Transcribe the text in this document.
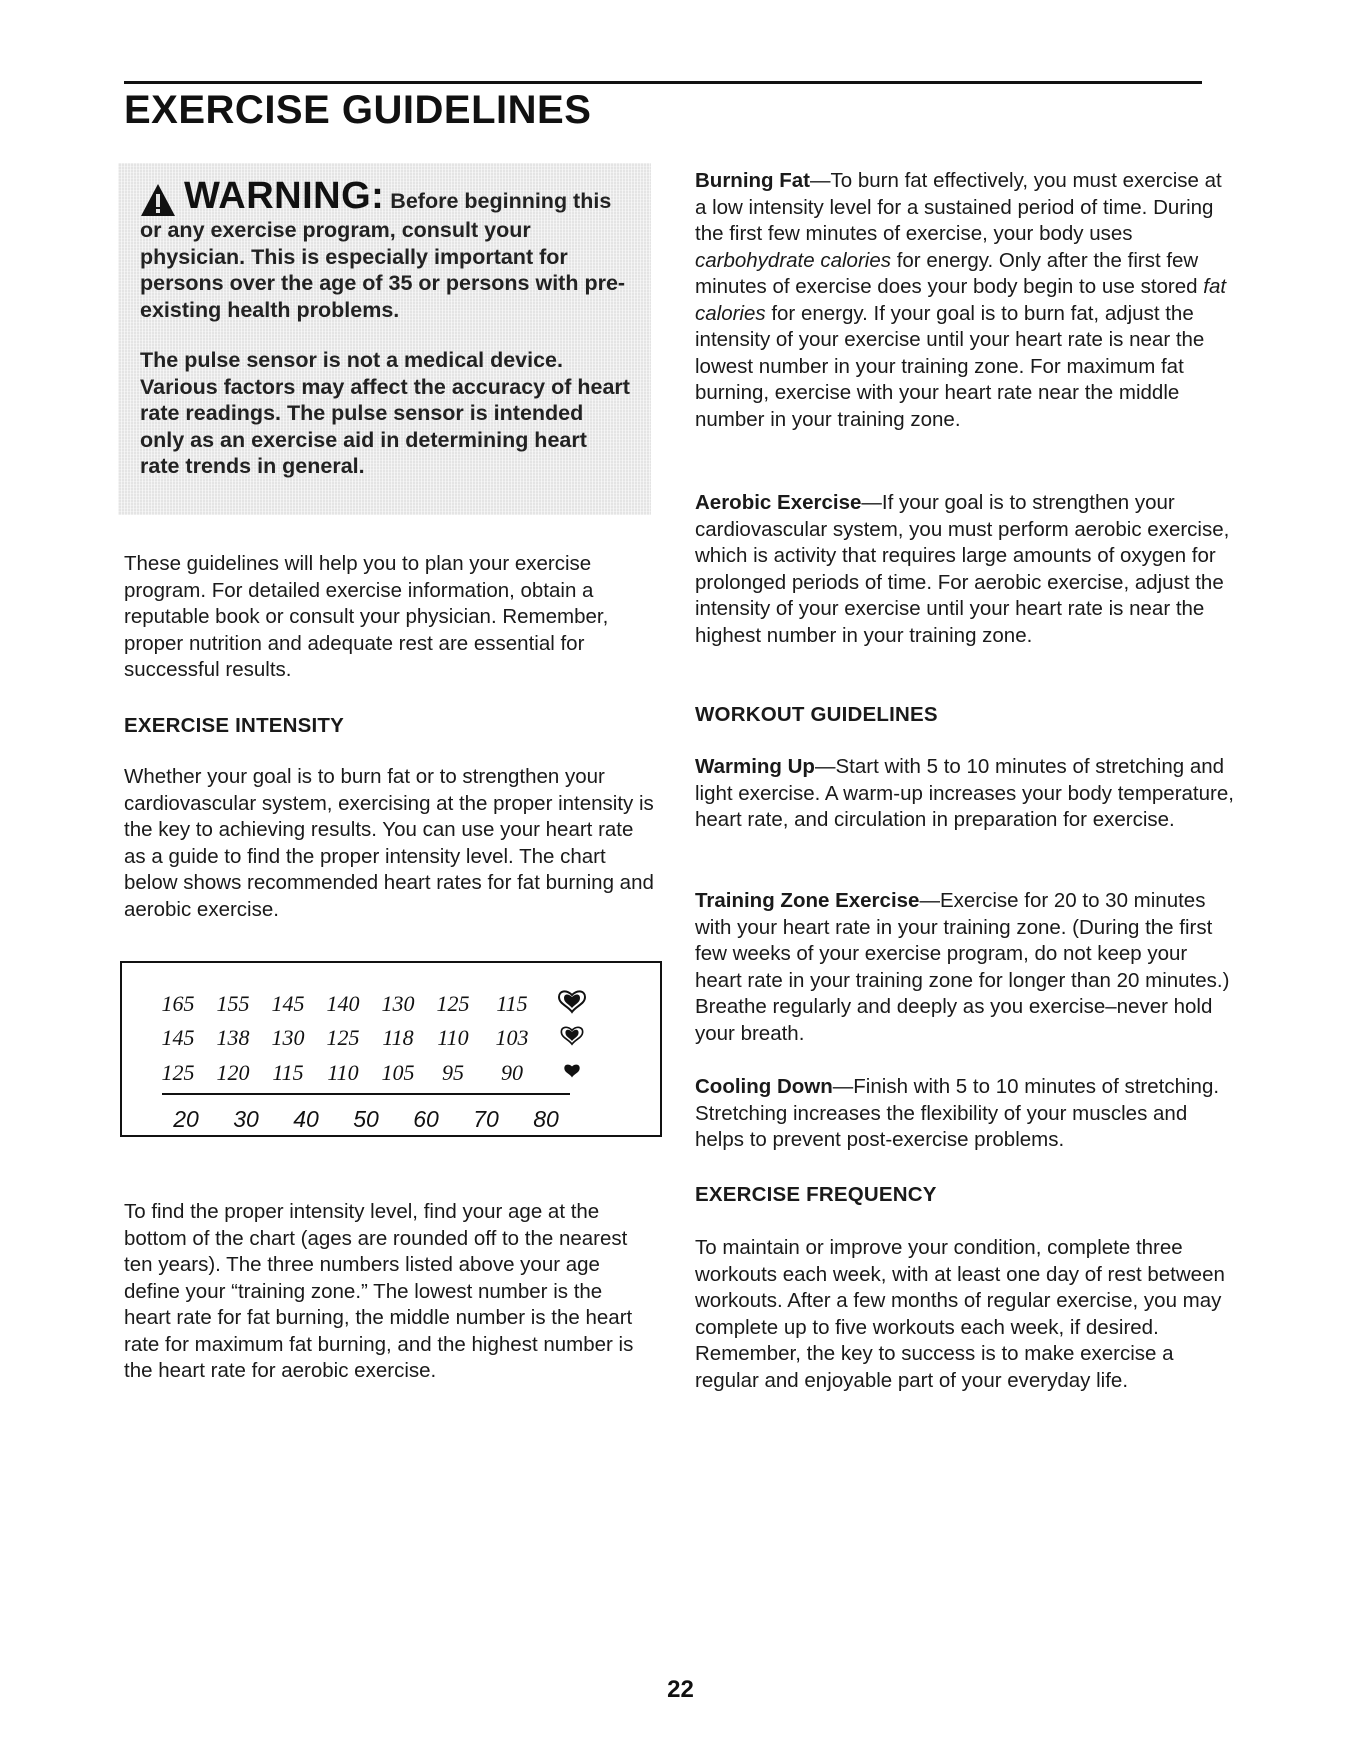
EXERCISE GUIDELINES

WARNING: Before beginning this or any exercise program, consult your physician. This is especially important for persons over the age of 35 or persons with pre-existing health problems.

The pulse sensor is not a medical device. Various factors may affect the accuracy of heart rate readings. The pulse sensor is intended only as an exercise aid in determining heart rate trends in general.

These guidelines will help you to plan your exercise program. For detailed exercise information, obtain a reputable book or consult your physician. Remember, proper nutrition and adequate rest are essential for successful results.

EXERCISE INTENSITY

Whether your goal is to burn fat or to strengthen your cardiovascular system, exercising at the proper intensity is the key to achieving results. You can use your heart rate as a guide to find the proper intensity level. The chart below shows recommended heart rates for fat burning and aerobic exercise.

To find the proper intensity level, find your age at the bottom of the chart (ages are rounded off to the nearest ten years). The three numbers listed above your age define your “training zone.” The lowest number is the heart rate for fat burning, the middle number is the heart rate for maximum fat burning, and the highest number is the heart rate for aerobic exercise.

165 155 145 140 130 125 115
145 138 130 125 118 110 103
125 120 115 110 105 95 90
20 30 40 50 60 70 80

Burning Fat—To burn fat effectively, you must exercise at a low intensity level for a sustained period of time. During the first few minutes of exercise, your body uses carbohydrate calories for energy. Only after the first few minutes of exercise does your body begin to use stored fat calories for energy. If your goal is to burn fat, adjust the intensity of your exercise until your heart rate is near the lowest number in your training zone. For maximum fat burning, exercise with your heart rate near the middle number in your training zone.

Aerobic Exercise—If your goal is to strengthen your cardiovascular system, you must perform aerobic exercise, which is activity that requires large amounts of oxygen for prolonged periods of time. For aerobic exercise, adjust the intensity of your exercise until your heart rate is near the highest number in your training zone.

WORKOUT GUIDELINES

Warming Up—Start with 5 to 10 minutes of stretching and light exercise. A warm-up increases your body temperature, heart rate, and circulation in preparation for exercise.

Training Zone Exercise—Exercise for 20 to 30 minutes with your heart rate in your training zone. (During the first few weeks of your exercise program, do not keep your heart rate in your training zone for longer than 20 minutes.) Breathe regularly and deeply as you exercise–never hold your breath.

Cooling Down—Finish with 5 to 10 minutes of stretching. Stretching increases the flexibility of your muscles and helps to prevent post-exercise problems.

EXERCISE FREQUENCY

To maintain or improve your condition, complete three workouts each week, with at least one day of rest between workouts. After a few months of regular exercise, you may complete up to five workouts each week, if desired. Remember, the key to success is to make exercise a regular and enjoyable part of your everyday life.

22
